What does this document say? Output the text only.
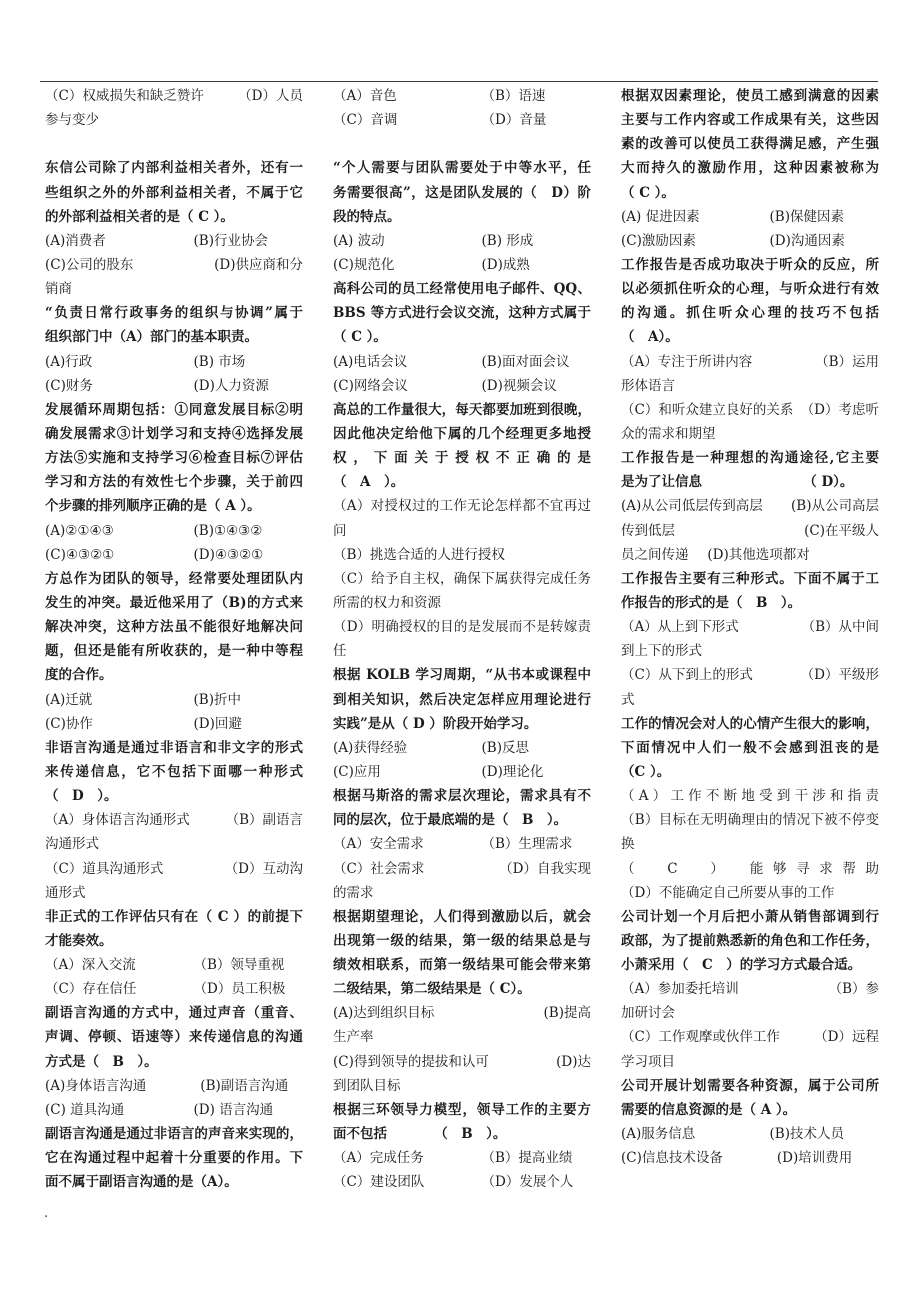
（C）权威损失和缺乏赞许	（D）人员
参与变少
东信公司除了内部利益相关者外，还有一
些组织之外的外部利益相关者，不属于它
的外部利益相关者的是（ C ）。
(A)消费者	(B)行业协会
(C)公司的股东	(D)供应商和分
销商
“负责日常行政事务的组织与协调”属于
组织部门中（A）部门的基本职责。
(A)行政	(B) 市场
(C)财务	(D)人力资源
发展循环周期包括：①同意发展目标②明
确发展需求③计划学习和支持④选择发展
方法⑤实施和支持学习⑥检查目标⑦评估
学习和方法的有效性七个步骤，关于前四
个步骤的排列顺序正确的是（ A ）。
(A)②①④③	(B)①④③②
(C)④③②①	(D)④③②①
方总作为团队的领导，经常要处理团队内
发生的冲突。最近他采用了（B)的方式来
解决冲突，这种方法虽不能很好地解决问
题，但还是能有所收获的，是一种中等程
度的合作。
(A)迁就	(B)折中
(C)协作	(D)回避
非语言沟通是通过非语言和非文字的形式
来传递信息，它不包括下面哪一种形式
（　D　）。
（A）身体语言沟通形式	（B）副语言
沟通形式
（C）道具沟通形式	（D）互动沟
通形式
非正式的工作评估只有在（ C ）的前提下
才能奏效。
（A）深入交流	（B）领导重视
（C）存在信任	（D）员工积极
副语言沟通的方式中，通过声音（重音、
声调、停顿、语速等）来传递信息的沟通
方式是（　B　）。
(A)身体语言沟通	(B)副语言沟通
(C) 道具沟通	(D) 语言沟通
副语言沟通是通过非语言的声音来实现的，
它在沟通过程中起着十分重要的作用。下
面不属于副语言沟通的是（A）。
（A）音色	（B）语速
（C）音调	（D）音量
“个人需要与团队需要处于中等水平，任
务需要很高”，这是团队发展的（　D）阶
段的特点。
(A) 波动	(B) 形成
(C)规范化	(D)成熟
高科公司的员工经常使用电子邮件、QQ、
BBS 等方式进行会议交流，这种方式属于
（ C ）。
(A)电话会议	(B)面对面会议
(C)网络会议	(D)视频会议
高总的工作量很大，每天都要加班到很晚，
因此他决定给他下属的几个经理更多地授
权，下面关于授权不正确的是
（　A　）。
（A）对授权过的工作无论怎样都不宜再过
问
（B）挑选合适的人进行授权
（C）给予自主权，确保下属获得完成任务
所需的权力和资源
（D）明确授权的目的是发展而不是转嫁责
任
根据 KOLB 学习周期，“从书本或课程中
到相关知识，然后决定怎样应用理论进行
实践”是从（ D ）阶段开始学习。
(A)获得经验	(B)反思
(C)应用	(D)理论化
根据马斯洛的需求层次理论，需求具有不
同的层次，位于最底端的是（　B　）。
（A）安全需求	（B）生理需求
（C）社会需求	（D）自我实现
的需求
根据期望理论，人们得到激励以后，就会
出现第一级的结果，第一级的结果总是与
绩效相联系，而第一级结果可能会带来第
二级结果，第二级结果是（ C）。
(A)达到组织目标	(B)提高
生产率
(C)得到领导的提拔和认可	(D)达
到团队目标
根据三环领导力模型，领导工作的主要方
面不包括　　　　（　B　）。
（A）完成任务	（B）提高业绩
（C）建设团队	（D）发展个人
根据双因素理论，使员工感到满意的因素
主要与工作内容或工作成果有关，这些因
素的改善可以使员工获得满足感，产生强
大而持久的激励作用，这种因素被称为
（ C ）。
(A) 促进因素	(B)保健因素
(C)激励因素	(D)沟通因素
工作报告是否成功取决于听众的反应，所
以必须抓住听众的心理，与听众进行有效
的沟通。抓住听众心理的技巧不包括
（　A）。
（A）专注于所讲内容	（B）运用
形体语言
（C）和听众建立良好的关系 （D）考虑听
众的需求和期望
工作报告是一种理想的沟通途径,它主要
是为了让信息　　　　　　　　（ D）。
(A)从公司低层传到高层 (B)从公司高层
传到低层	(C)在平级人
员之间传递 (D)其他选项都对
工作报告主要有三种形式。下面不属于工
作报告的形式的是（　B　）。
（A）从上到下形式	（B）从中间
到上下的形式
（C）从下到上的形式	（D）平级形
式
工作的情况会对人的心情产生很大的影响，
下面情况中人们一般不会感到沮丧的是
（C ）。
（A）工作不断地受到干涉和指责
（B）目标在无明确理由的情况下被不停变
换
（　C　）　能够寻求帮助
（D）不能确定自己所要从事的工作
公司计划一个月后把小萧从销售部调到行
政部，为了提前熟悉新的角色和工作任务，
小萧采用（　C　）的学习方式最合适。
（A）参加委托培训	（B）参
加研讨会
（C）工作观摩或伙伴工作	（D）远程
学习项目
公司开展计划需要各种资源，属于公司所
需要的信息资源的是（ A ）。
(A)服务信息	(B)技术人员
(C)信息技术设备	(D)培训费用
.
